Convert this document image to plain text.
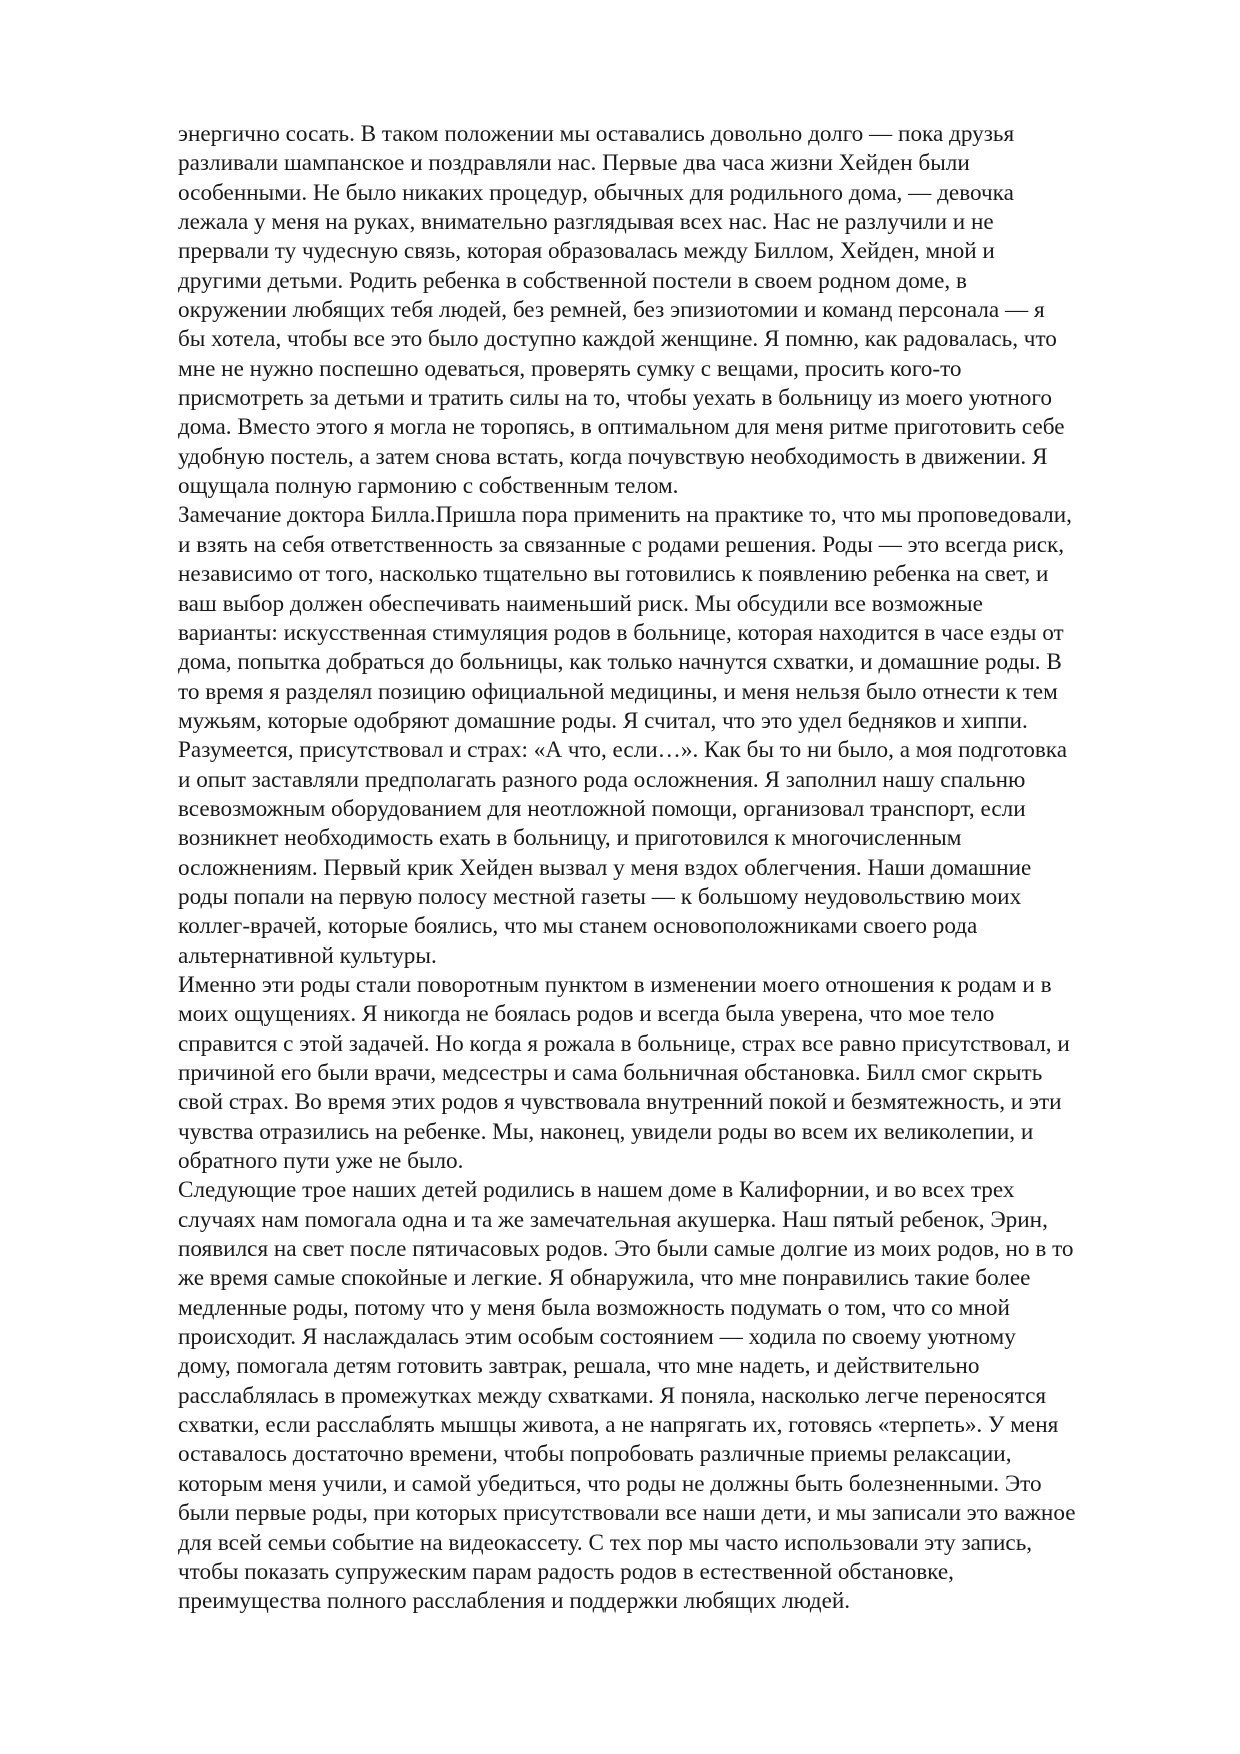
энергично сосать. В таком положении мы оставались довольно долго — пока друзья
разливали шампанское и поздравляли нас. Первые два часа жизни Хейден были
особенными. Не было никаких процедур, обычных для родильного дома, — девочка
лежала у меня на руках, внимательно разглядывая всех нас. Нас не разлучили и не
прервали ту чудесную связь, которая образовалась между Биллом, Хейден, мной и
другими детьми. Родить ребенка в собственной постели в своем родном доме, в
окружении любящих тебя людей, без ремней, без эпизиотомии и команд персонала — я
бы хотела, чтобы все это было доступно каждой женщине. Я помню, как радовалась, что
мне не нужно поспешно одеваться, проверять сумку с вещами, просить кого-то
присмотреть за детьми и тратить силы на то, чтобы уехать в больницу из моего уютного
дома. Вместо этого я могла не торопясь, в оптимальном для меня ритме приготовить себе
удобную постель, а затем снова встать, когда почувствую необходимость в движении. Я
ощущала полную гармонию с собственным телом.
Замечание доктора Билла.Пришла пора применить на практике то, что мы проповедовали,
и взять на себя ответственность за связанные с родами решения. Роды — это всегда риск,
независимо от того, насколько тщательно вы готовились к появлению ребенка на свет, и
ваш выбор должен обеспечивать наименьший риск. Мы обсудили все возможные
варианты: искусственная стимуляция родов в больнице, которая находится в часе езды от
дома, попытка добраться до больницы, как только начнутся схватки, и домашние роды. В
то время я разделял позицию официальной медицины, и меня нельзя было отнести к тем
мужьям, которые одобряют домашние роды. Я считал, что это удел бедняков и хиппи.
Разумеется, присутствовал и страх: «А что, если…». Как бы то ни было, а моя подготовка
и опыт заставляли предполагать разного рода осложнения. Я заполнил нашу спальню
всевозможным оборудованием для неотложной помощи, организовал транспорт, если
возникнет необходимость ехать в больницу, и приготовился к многочисленным
осложнениям. Первый крик Хейден вызвал у меня вздох облегчения. Наши домашние
роды попали на первую полосу местной газеты — к большому неудовольствию моих
коллег-врачей, которые боялись, что мы станем основоположниками своего рода
альтернативной культуры.
Именно эти роды стали поворотным пунктом в изменении моего отношения к родам и в
моих ощущениях. Я никогда не боялась родов и всегда была уверена, что мое тело
справится с этой задачей. Но когда я рожала в больнице, страх все равно присутствовал, и
причиной его были врачи, медсестры и сама больничная обстановка. Билл смог скрыть
свой страх. Во время этих родов я чувствовала внутренний покой и безмятежность, и эти
чувства отразились на ребенке. Мы, наконец, увидели роды во всем их великолепии, и
обратного пути уже не было.
Следующие трое наших детей родились в нашем доме в Калифорнии, и во всех трех
случаях нам помогала одна и та же замечательная акушерка. Наш пятый ребенок, Эрин,
появился на свет после пятичасовых родов. Это были самые долгие из моих родов, но в то
же время самые спокойные и легкие. Я обнаружила, что мне понравились такие более
медленные роды, потому что у меня была возможность подумать о том, что со мной
происходит. Я наслаждалась этим особым состоянием — ходила по своему уютному
дому, помогала детям готовить завтрак, решала, что мне надеть, и действительно
расслаблялась в промежутках между схватками. Я поняла, насколько легче переносятся
схватки, если расслаблять мышцы живота, а не напрягать их, готовясь «терпеть». У меня
оставалось достаточно времени, чтобы попробовать различные приемы релаксации,
которым меня учили, и самой убедиться, что роды не должны быть болезненными. Это
были первые роды, при которых присутствовали все наши дети, и мы записали это важное
для всей семьи событие на видеокассету. С тех пор мы часто использовали эту запись,
чтобы показать супружеским парам радость родов в естественной обстановке,
преимущества полного расслабления и поддержки любящих людей.
